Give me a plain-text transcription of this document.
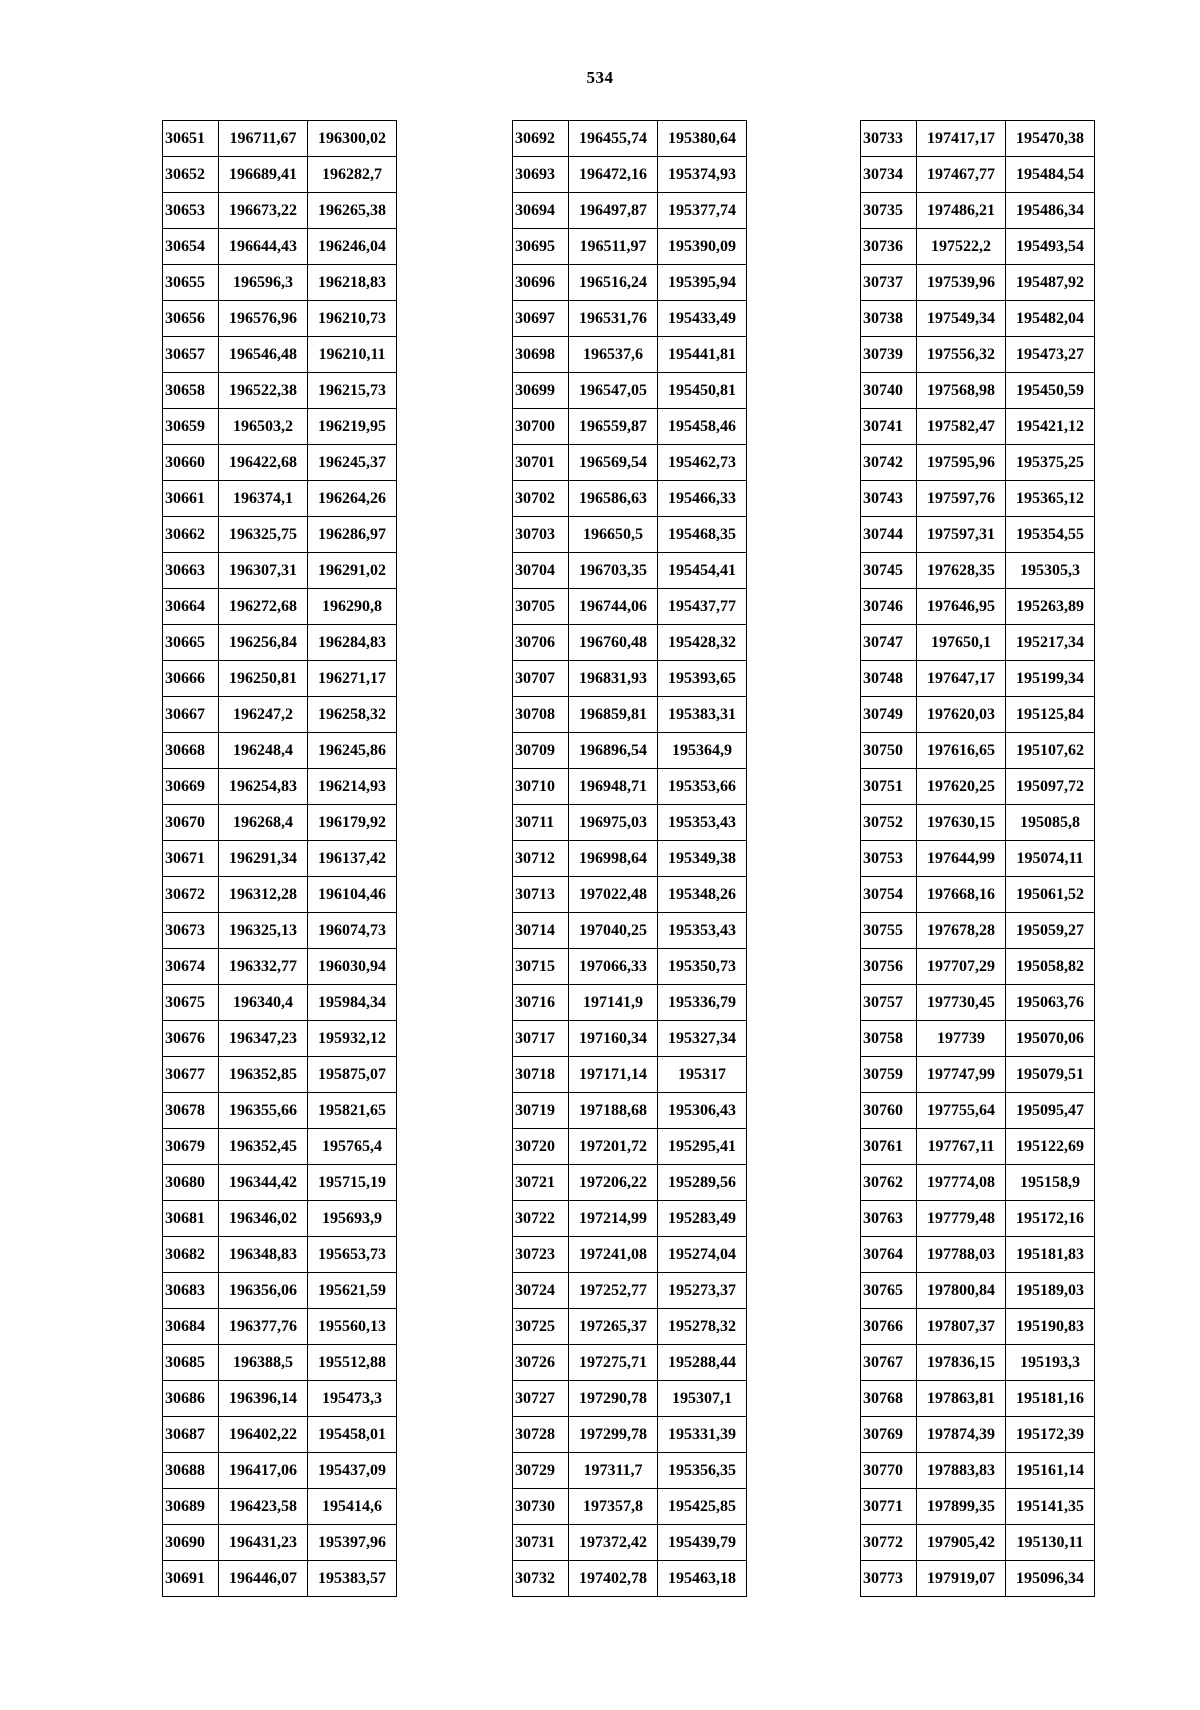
534
30651	196711,67	196300,02
30652	196689,41	196282,7
30653	196673,22	196265,38
30654	196644,43	196246,04
30655	196596,3	196218,83
30656	196576,96	196210,73
30657	196546,48	196210,11
30658	196522,38	196215,73
30659	196503,2	196219,95
30660	196422,68	196245,37
30661	196374,1	196264,26
30662	196325,75	196286,97
30663	196307,31	196291,02
30664	196272,68	196290,8
30665	196256,84	196284,83
30666	196250,81	196271,17
30667	196247,2	196258,32
30668	196248,4	196245,86
30669	196254,83	196214,93
30670	196268,4	196179,92
30671	196291,34	196137,42
30672	196312,28	196104,46
30673	196325,13	196074,73
30674	196332,77	196030,94
30675	196340,4	195984,34
30676	196347,23	195932,12
30677	196352,85	195875,07
30678	196355,66	195821,65
30679	196352,45	195765,4
30680	196344,42	195715,19
30681	196346,02	195693,9
30682	196348,83	195653,73
30683	196356,06	195621,59
30684	196377,76	195560,13
30685	196388,5	195512,88
30686	196396,14	195473,3
30687	196402,22	195458,01
30688	196417,06	195437,09
30689	196423,58	195414,6
30690	196431,23	195397,96
30691	196446,07	195383,57
30692	196455,74	195380,64
30693	196472,16	195374,93
30694	196497,87	195377,74
30695	196511,97	195390,09
30696	196516,24	195395,94
30697	196531,76	195433,49
30698	196537,6	195441,81
30699	196547,05	195450,81
30700	196559,87	195458,46
30701	196569,54	195462,73
30702	196586,63	195466,33
30703	196650,5	195468,35
30704	196703,35	195454,41
30705	196744,06	195437,77
30706	196760,48	195428,32
30707	196831,93	195393,65
30708	196859,81	195383,31
30709	196896,54	195364,9
30710	196948,71	195353,66
30711	196975,03	195353,43
30712	196998,64	195349,38
30713	197022,48	195348,26
30714	197040,25	195353,43
30715	197066,33	195350,73
30716	197141,9	195336,79
30717	197160,34	195327,34
30718	197171,14	195317
30719	197188,68	195306,43
30720	197201,72	195295,41
30721	197206,22	195289,56
30722	197214,99	195283,49
30723	197241,08	195274,04
30724	197252,77	195273,37
30725	197265,37	195278,32
30726	197275,71	195288,44
30727	197290,78	195307,1
30728	197299,78	195331,39
30729	197311,7	195356,35
30730	197357,8	195425,85
30731	197372,42	195439,79
30732	197402,78	195463,18
30733	197417,17	195470,38
30734	197467,77	195484,54
30735	197486,21	195486,34
30736	197522,2	195493,54
30737	197539,96	195487,92
30738	197549,34	195482,04
30739	197556,32	195473,27
30740	197568,98	195450,59
30741	197582,47	195421,12
30742	197595,96	195375,25
30743	197597,76	195365,12
30744	197597,31	195354,55
30745	197628,35	195305,3
30746	197646,95	195263,89
30747	197650,1	195217,34
30748	197647,17	195199,34
30749	197620,03	195125,84
30750	197616,65	195107,62
30751	197620,25	195097,72
30752	197630,15	195085,8
30753	197644,99	195074,11
30754	197668,16	195061,52
30755	197678,28	195059,27
30756	197707,29	195058,82
30757	197730,45	195063,76
30758	197739	195070,06
30759	197747,99	195079,51
30760	197755,64	195095,47
30761	197767,11	195122,69
30762	197774,08	195158,9
30763	197779,48	195172,16
30764	197788,03	195181,83
30765	197800,84	195189,03
30766	197807,37	195190,83
30767	197836,15	195193,3
30768	197863,81	195181,16
30769	197874,39	195172,39
30770	197883,83	195161,14
30771	197899,35	195141,35
30772	197905,42	195130,11
30773	197919,07	195096,34
